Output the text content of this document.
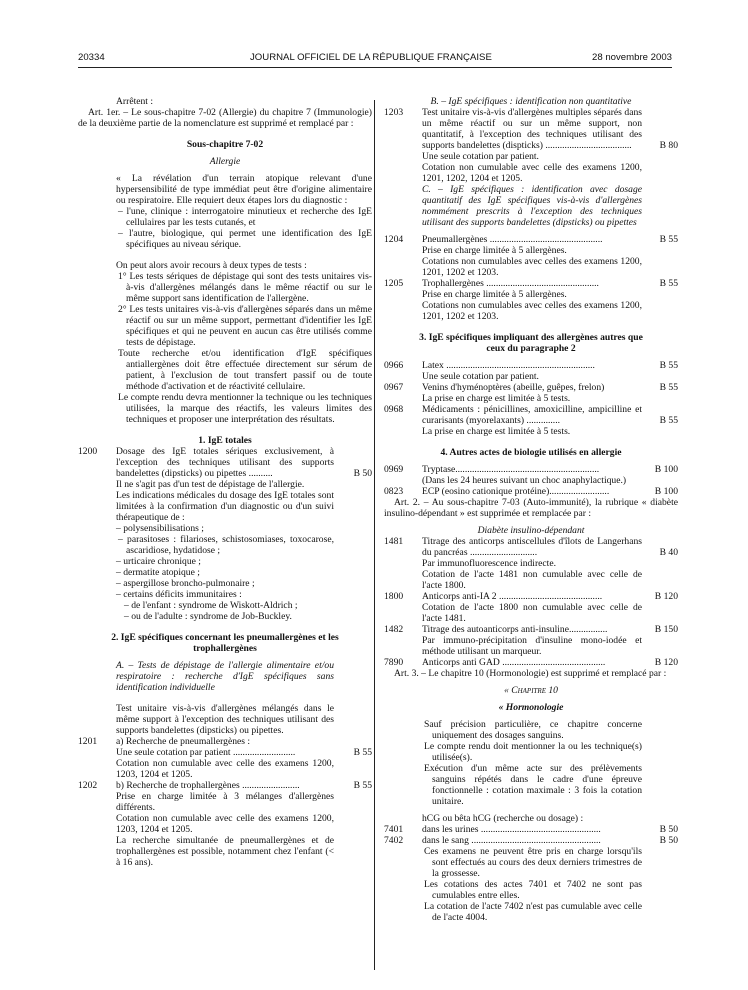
20334	JOURNAL OFFICIEL DE LA RÉPUBLIQUE FRANÇAISE	28 novembre 2003

Arrêtent :

Art. 1er. – Le sous-chapitre 7-02 (Allergie) du chapitre 7 (Immunologie) de la deuxième partie de la nomenclature est supprimé et remplacé par :

Sous-chapitre 7-02

Allergie

« La révélation d'un terrain atopique relevant d'une hypersensibilité de type immédiat peut être d'origine alimentaire ou respiratoire. Elle requiert deux étapes lors du diagnostic :

– l'une, clinique : interrogatoire minutieux et recherche des IgE cellulaires par les tests cutanés, et

– l'autre, biologique, qui permet une identification des IgE spécifiques au niveau sérique.

On peut alors avoir recours à deux types de tests :

1° Les tests sériques de dépistage qui sont des tests unitaires vis-à-vis d'allergènes mélangés dans le même réactif ou sur le même support sans identification de l'allergène.

2° Les tests unitaires vis-à-vis d'allergènes séparés dans un même réactif ou sur un même support, permettant d'identifier les IgE spécifiques et qui ne peuvent en aucun cas être utilisés comme tests de dépistage.

Toute recherche et/ou identification d'IgE spécifiques antiallergènes doit être effectuée directement sur sérum de patient, à l'exclusion de tout transfert passif ou de toute méthode d'activation et de réactivité cellulaire.

Le compte rendu devra mentionner la technique ou les techniques utilisées, la marque des réactifs, les valeurs limites des techniques et proposer une interprétation des résultats.

1. IgE totales

1200	Dosage des IgE totales sériques exclusivement, à l'exception des techniques utilisant des supports bandelettes (dipsticks) ou pipettes ..........	B 50

Il ne s'agit pas d'un test de dépistage de l'allergie.

Les indications médicales du dosage des IgE totales sont limitées à la confirmation d'un diagnostic ou d'un suivi thérapeutique de :

– polysensibilisations ;

– parasitoses : filarioses, schistosomiases, toxocarose, ascaridiose, hydatidose ;

– urticaire chronique ;

– dermatite atopique ;

– aspergillose broncho-pulmonaire ;

– certains déficits immunitaires :

– de l'enfant : syndrome de Wiskott-Aldrich ;

– ou de l'adulte : syndrome de Job-Buckley.

2. IgE spécifiques concernant les pneumallergènes et les trophallergènes

A. – Tests de dépistage de l'allergie alimentaire et/ou respiratoire : recherche d'IgE spécifiques sans identification individuelle

Test unitaire vis-à-vis d'allergènes mélangés dans le même support à l'exception des techniques utilisant des supports bandelettes (dipsticks) ou pipettes.

1201	a) Recherche de pneumallergènes :

Une seule cotation par patient ..........................	B 55

Cotation non cumulable avec celle des examens 1200, 1203, 1204 et 1205.

1202	b) Recherche de trophallergènes ........................	B 55

Prise en charge limitée à 3 mélanges d'allergènes différents.

Cotation non cumulable avec celle des examens 1200, 1203, 1204 et 1205.

La recherche simultanée de pneumallergènes et de trophallergènes est possible, notamment chez l'enfant (< à 16 ans).

B. – IgE spécifiques : identification non quantitative

1203	Test unitaire vis-à-vis d'allergènes multiples séparés dans un même réactif ou sur un même support, non quantitatif, à l'exception des techniques utilisant des supports bandelettes (dispticks) ....................................	B 80

Une seule cotation par patient.

Cotation non cumulable avec celle des examens 1200, 1201, 1202, 1204 et 1205.

C. – IgE spécifiques : identification avec dosage quantitatif des IgE spécifiques vis-à-vis d'allergènes nommément prescrits à l'exception des techniques utilisant des supports bandelettes (dipsticks) ou pipettes

1204	Pneumallergènes ...............................................	B 55

Prise en charge limitée à 5 allergènes.

Cotations non cumulables avec celles des examens 1200, 1201, 1202 et 1203.

1205	Trophallergènes ...............................................	B 55

Prise en charge limitée à 5 allergènes.

Cotations non cumulables avec celles des examens 1200, 1201, 1202 et 1203.

3. IgE spécifiques impliquant des allergènes autres que ceux du paragraphe 2

0966	Latex ..............................................................	B 55

Une seule cotation par patient.

0967	Venins d'hyménoptères (abeille, guêpes, frelon)	B 55

La prise en charge est limitée à 5 tests.

0968	Médicaments : pénicillines, amoxicilline, ampicilline et curarisants (myorelaxants) ..............	B 55

La prise en charge est limitée à 5 tests.

4. Autres actes de biologie utilisés en allergie

0969	Tryptase............................................................	B 100

(Dans les 24 heures suivant un choc anaphylactique.)

0823	ECP (eosino cationique protéine).........................	B 100

Art. 2. – Au sous-chapitre 7-03 (Auto-immunité), la rubrique « diabète insulino-dépendant » est supprimée et remplacée par :

Diabète insulino-dépendant

1481	Titrage des anticorps antiscellules d'îlots de Langerhans du pancréas ............................	B 40

Par immunofluorescence indirecte.

Cotation de l'acte 1481 non cumulable avec celle de l'acte 1800.

1800	Anticorps anti-IA 2 ...........................................	B 120

Cotation de l'acte 1800 non cumulable avec celle de l'acte 1481.

1482	Titrage des autoanticorps anti-insuline................	B 150

Par immuno-précipitation d'insuline mono-iodée et méthode utilisant un marqueur.

7890	Anticorps anti GAD ...........................................	B 120

Art. 3. – Le chapitre 10 (Hormonologie) est supprimé et remplacé par :

« Chapitre 10

« Hormonologie

Sauf précision particulière, ce chapitre concerne uniquement des dosages sanguins.

Le compte rendu doit mentionner la ou les technique(s) utilisée(s).

Exécution d'un même acte sur des prélèvements sanguins répétés dans le cadre d'une épreuve fonctionnelle : cotation maximale : 3 fois la cotation unitaire.

hCG ou bêta hCG (recherche ou dosage) :

7401	dans les urines ..................................................	B 50
7402	dans le sang ......................................................	B 50

Ces examens ne peuvent être pris en charge lorsqu'ils sont effectués au cours des deux derniers trimestres de la grossesse.

Les cotations des actes 7401 et 7402 ne sont pas cumulables entre elles.

La cotation de l'acte 7402 n'est pas cumulable avec celle de l'acte 4004.
